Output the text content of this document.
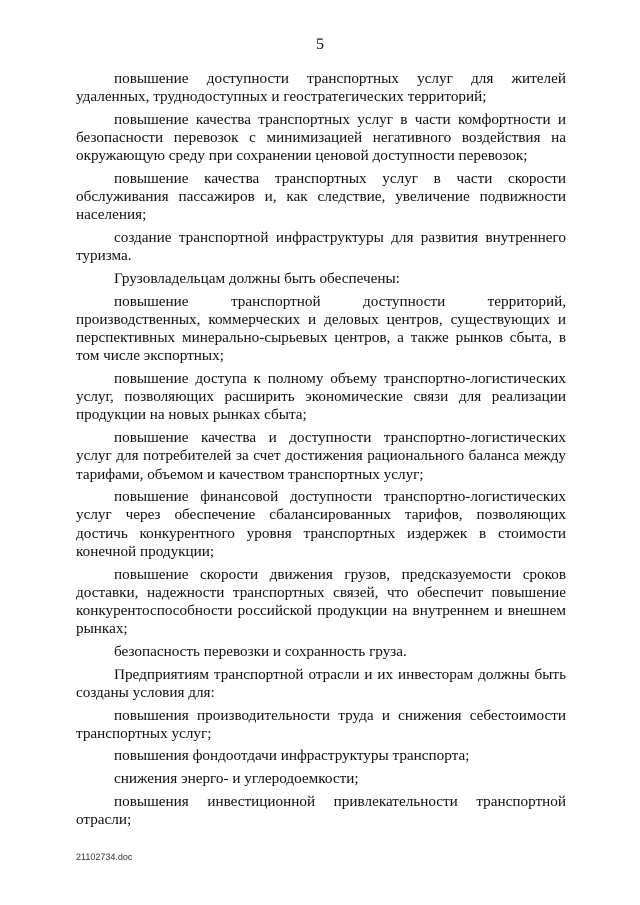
5

повышение доступности транспортных услуг для жителей удаленных, труднодоступных и геостратегических территорий;

повышение качества транспортных услуг в части комфортности и безопасности перевозок с минимизацией негативного воздействия на окружающую среду при сохранении ценовой доступности перевозок;

повышение качества транспортных услуг в части скорости обслуживания пассажиров и, как следствие, увеличение подвижности населения;

создание транспортной инфраструктуры для развития внутреннего туризма.

Грузовладельцам должны быть обеспечены:

повышение транспортной доступности территорий, производственных, коммерческих и деловых центров, существующих и перспективных минерально-сырьевых центров, а также рынков сбыта, в том числе экспортных;

повышение доступа к полному объему транспортно-логистических услуг, позволяющих расширить экономические связи для реализации продукции на новых рынках сбыта;

повышение качества и доступности транспортно-логистических услуг для потребителей за счет достижения рационального баланса между тарифами, объемом и качеством транспортных услуг;

повышение финансовой доступности транспортно-логистических услуг через обеспечение сбалансированных тарифов, позволяющих достичь конкурентного уровня транспортных издержек в стоимости конечной продукции;

повышение скорости движения грузов, предсказуемости сроков доставки, надежности транспортных связей, что обеспечит повышение конкурентоспособности российской продукции на внутреннем и внешнем рынках;

безопасность перевозки и сохранность груза.

Предприятиям транспортной отрасли и их инвесторам должны быть созданы условия для:

повышения производительности труда и снижения себестоимости транспортных услуг;

повышения фондоотдачи инфраструктуры транспорта;

снижения энерго- и углеродоемкости;

повышения инвестиционной привлекательности транспортной отрасли;

21102734.doc
